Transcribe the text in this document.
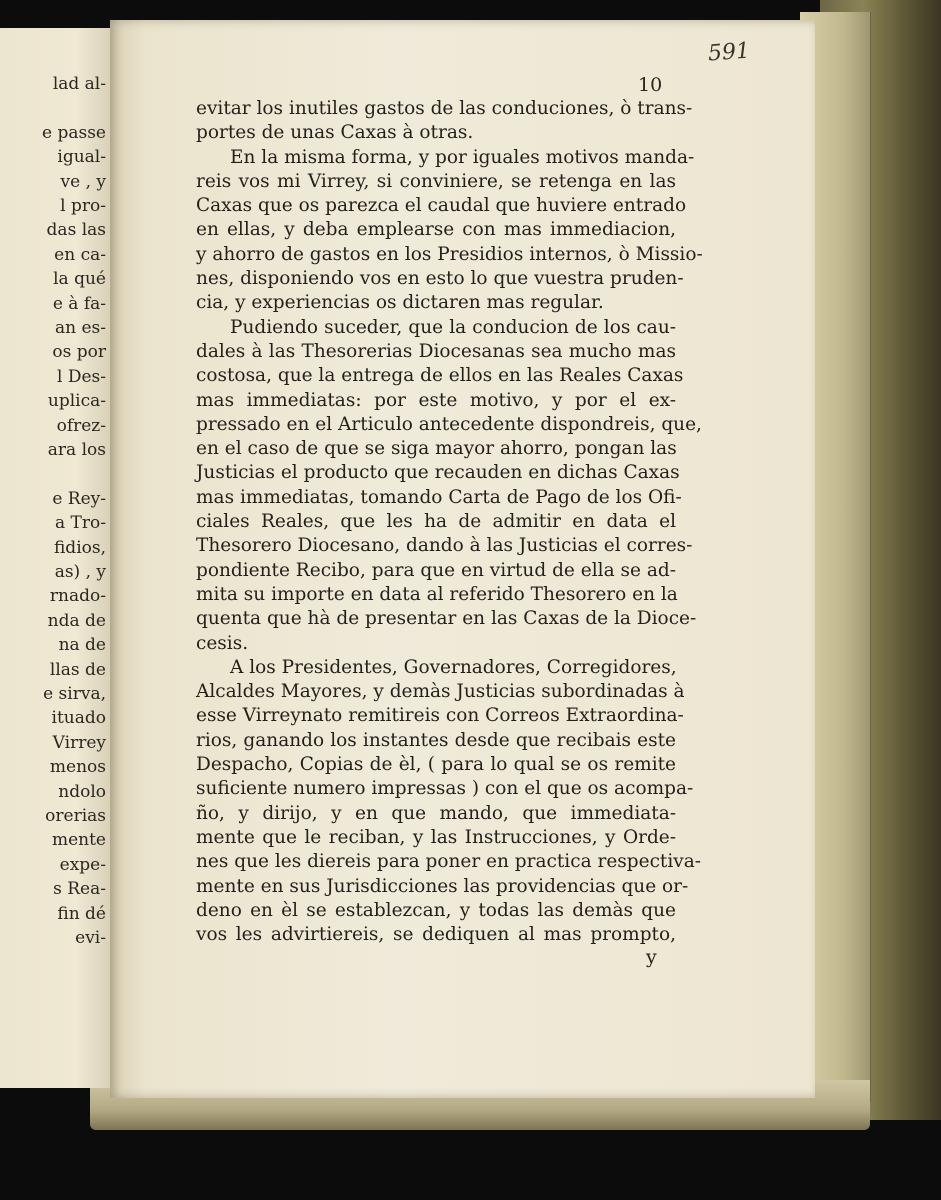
lad al-
e passe
igual-
ve , y
l pro-
das las
en ca-
la qué
e à fa-
an es-
os por
l Des-
uplica-
ofrez-
ara los
e Rey-
a Tro-
fidios,
as) , y
rnado-
nda de
na de
llas de
e sirva,
ituado
Virrey
menos
ndolo
orerias
mente
expe-
s Rea-
fin dé
evi-
591
10
evitar los inutiles gastos de las conduciones, ò trans-
portes de unas Caxas à otras.
En la misma forma, y por iguales motivos manda-
reis vos mi Virrey, si conviniere, se retenga en las
Caxas que os parezca el caudal que huviere entrado
en ellas, y deba emplearse con mas immediacion,
y ahorro de gastos en los Presidios internos, ò Missio-
nes, disponiendo vos en esto lo que vuestra pruden-
cia, y experiencias os dictaren mas regular.
Pudiendo suceder, que la conducion de los cau-
dales à las Thesorerias Diocesanas sea mucho mas
costosa, que la entrega de ellos en las Reales Caxas
mas immediatas: por este motivo, y por el ex-
pressado en el Articulo antecedente dispondreis, que,
en el caso de que se siga mayor ahorro, pongan las
Justicias el producto que recauden en dichas Caxas
mas immediatas, tomando Carta de Pago de los Ofi-
ciales Reales, que les ha de admitir en data el
Thesorero Diocesano, dando à las Justicias el corres-
pondiente Recibo, para que en virtud de ella se ad-
mita su importe en data al referido Thesorero en la
quenta que hà de presentar en las Caxas de la Dioce-
cesis.
A los Presidentes, Governadores, Corregidores,
Alcaldes Mayores, y demàs Justicias subordinadas à
esse Virreynato remitireis con Correos Extraordina-
rios, ganando los instantes desde que recibais este
Despacho, Copias de èl, ( para lo qual se os remite
suficiente numero impressas ) con el que os acompa-
ño, y dirijo, y en que mando, que immediata-
mente que le reciban, y las Instrucciones, y Orde-
nes que les diereis para poner en practica respectiva-
mente en sus Jurisdicciones las providencias que or-
deno en èl se establezcan, y todas las demàs que
vos les advirtiereis, se dediquen al mas prompto,
y
